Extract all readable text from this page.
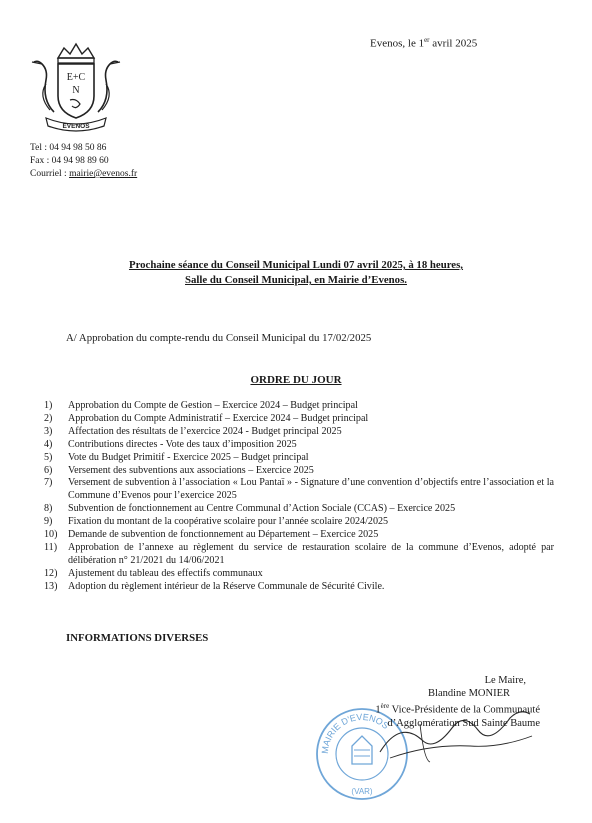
Evenos, le 1er avril 2025
E+C
N
EVENOS
Tel : 04 94 98 50 86
Fax : 04 94 98 89 60
Courriel : mairie@evenos.fr
Prochaine séance du Conseil Municipal Lundi 07 avril 2025, à 18 heures,
Salle du Conseil Municipal, en Mairie d’Evenos.
A/ Approbation du compte-rendu du Conseil Municipal du 17/02/2025
ORDRE DU JOUR
1) Approbation du Compte de Gestion – Exercice 2024 – Budget principal
2) Approbation du Compte Administratif – Exercice 2024 – Budget principal
3) Affectation des résultats de l’exercice 2024 - Budget principal 2025
4) Contributions directes - Vote des taux d’imposition 2025
5) Vote du Budget Primitif - Exercice 2025 – Budget principal
6) Versement des subventions aux associations – Exercice 2025
7) Versement de subvention à l’association « Lou Pantaï » - Signature d’une convention d’objectifs entre l’association et la Commune d’Evenos pour l’exercice 2025
8) Subvention de fonctionnement au Centre Communal d’Action Sociale (CCAS) – Exercice 2025
9) Fixation du montant de la coopérative scolaire pour l’année scolaire 2024/2025
10) Demande de subvention de fonctionnement au Département – Exercice 2025
11) Approbation de l’annexe au règlement du service de restauration scolaire de la commune d’Evenos, adopté par délibération n° 21/2021 du 14/06/2021
12) Ajustement du tableau des effectifs communaux
13) Adoption du règlement intérieur de la Réserve Communale de Sécurité Civile.
INFORMATIONS DIVERSES
MAIRIE D'EVENOS
(VAR)
Le Maire,
Blandine MONIER
1ère Vice-Présidente de la Communauté
d’Agglomération Sud Sainte Baume
